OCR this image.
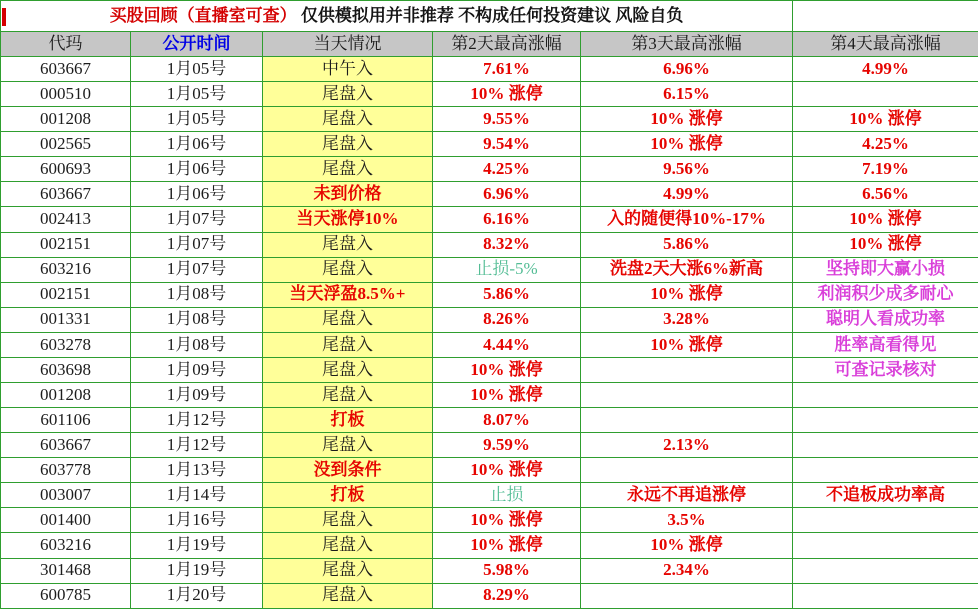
买股回顾（直播室可查） 仅供模拟用并非推荐 不构成任何投资建议 风险自负					
代玛	公开时间	当天情况	第2天最高涨幅	第3天最高涨幅	第4天最高涨幅
603667	1月05号	中午入	7.61%	6.96%	4.99%
000510	1月05号	尾盘入	10% 涨停	6.15%	
001208	1月05号	尾盘入	9.55%	10% 涨停	10% 涨停
002565	1月06号	尾盘入	9.54%	10% 涨停	4.25%
600693	1月06号	尾盘入	4.25%	9.56%	7.19%
603667	1月06号	未到价格	6.96%	4.99%	6.56%
002413	1月07号	当天涨停10%	6.16%	入的随便得10%-17%	10% 涨停
002151	1月07号	尾盘入	8.32%	5.86%	10% 涨停
603216	1月07号	尾盘入	止损-5%	洗盘2天大涨6%新高	坚持即大赢小损
002151	1月08号	当天浮盈8.5%+	5.86%	10% 涨停	利润积少成多耐心
001331	1月08号	尾盘入	8.26%	3.28%	聪明人看成功率
603278	1月08号	尾盘入	4.44%	10% 涨停	胜率高看得见
603698	1月09号	尾盘入	10% 涨停		可查记录核对
001208	1月09号	尾盘入	10% 涨停		
601106	1月12号	打板	8.07%		
603667	1月12号	尾盘入	9.59%	2.13%	
603778	1月13号	没到条件	10% 涨停		
003007	1月14号	打板	止损	永远不再追涨停	不追板成功率高
001400	1月16号	尾盘入	10% 涨停	3.5%	
603216	1月19号	尾盘入	10% 涨停	10% 涨停	
301468	1月19号	尾盘入	5.98%	2.34%	
600785	1月20号	尾盘入	8.29%		
